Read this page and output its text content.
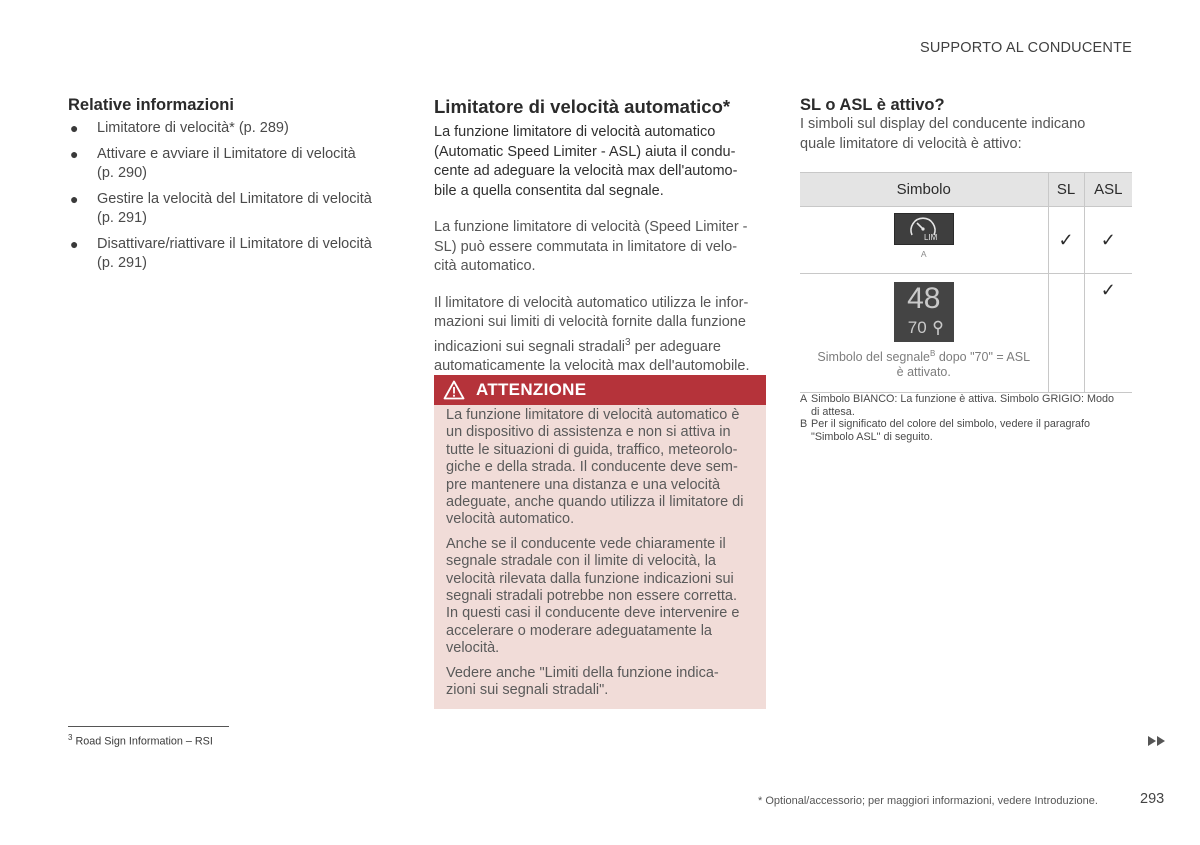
SUPPORTO AL CONDUCENTE
Relative informazioni
● Limitatore di velocità* (p. 289)
● Attivare e avviare il Limitatore di velocità
(p. 290)
● Gestire la velocità del Limitatore di velocità
(p. 291)
● Disattivare/riattivare il Limitatore di velocità
(p. 291)
Limitatore di velocità automatico*

La funzione limitatore di velocità automatico
(Automatic Speed Limiter - ASL) aiuta il condu-
cente ad adeguare la velocità max dell'automo-
bile a quella consentita dal segnale.

La funzione limitatore di velocità (Speed Limiter -
SL) può essere commutata in limitatore di velo-
cità automatico.

Il limitatore di velocità automatico utilizza le infor-
mazioni sui limiti di velocità fornite dalla funzione
indicazioni sui segnali stradali$^3$ per adeguare
automaticamente la velocità max dell'automobile.

ATTENZIONE

La funzione limitatore di velocità automatico è
un dispositivo di assistenza e non si attiva in
tutte le situazioni di guida, traffico, meteorolo-
giche e della strada. Il conducente deve sem-
pre mantenere una distanza e una velocità
adeguate, anche quando utilizza il limitatore di
velocità automatico.

Anche se il conducente vede chiaramente il
segnale stradale con il limite di velocità, la
velocità rilevata dalla funzione indicazioni sui
segnali stradali potrebbe non essere corretta.
In questi casi il conducente deve intervenire e
accelerare o moderare adeguatamente la
velocità.

Vedere anche "Limiti della funzione indica-
zioni sui segnali stradali".

SL o ASL è attivo?

I simboli sul display del conducente indicano
quale limitatore di velocità è attivo:

Simbolo	SL	ASL

LIM
A	✓	✓

48
70
Simbolo del segnale$^B$ dopo "70" = ASL
è attivato.		✓
A Simbolo BIANCO: La funzione è attiva. Simbolo GRIGIO: Modo
di attesa.
B Per il significato del colore del simbolo, vedere il paragrafo
"Simbolo ASL" di seguito.
$^3$ Road Sign Information – RSI
* Optional/accessorio; per maggiori informazioni, vedere Introduzione.	293
